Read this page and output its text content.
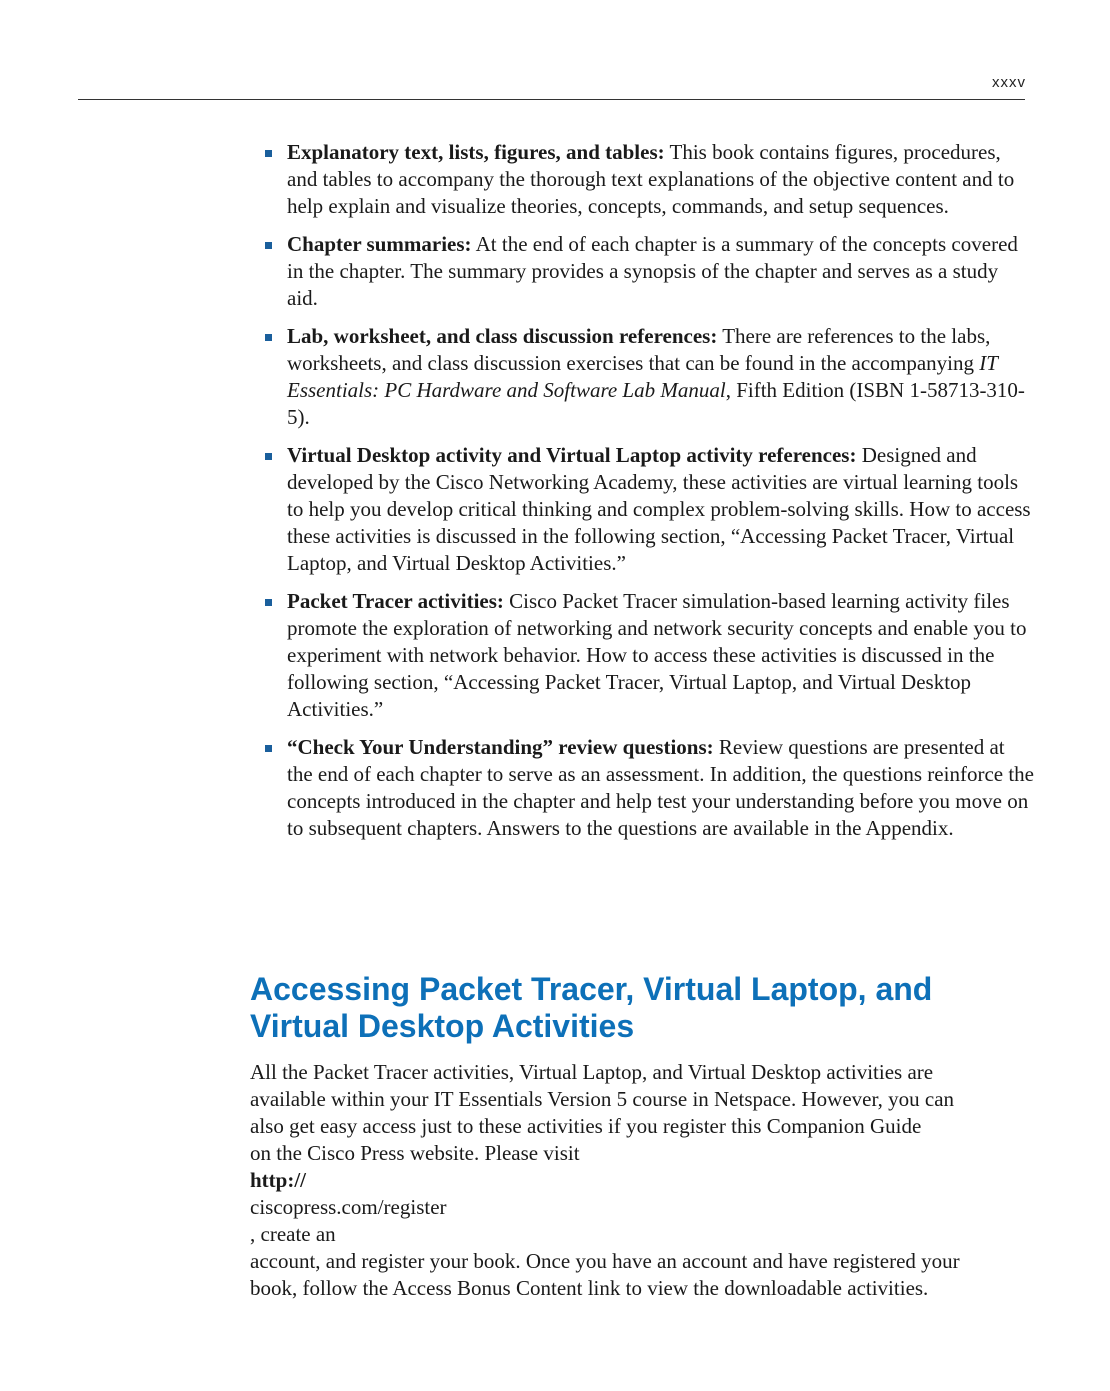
xxxv
Explanatory text, lists, figures, and tables: This book contains figures, procedures, and tables to accompany the thorough text explanations of the objective content and to help explain and visualize theories, concepts, commands, and setup sequences.
Chapter summaries: At the end of each chapter is a summary of the concepts covered in the chapter. The summary provides a synopsis of the chapter and serves as a study aid.
Lab, worksheet, and class discussion references: There are references to the labs, worksheets, and class discussion exercises that can be found in the accompanying IT Essentials: PC Hardware and Software Lab Manual, Fifth Edition (ISBN 1-58713-310-5).
Virtual Desktop activity and Virtual Laptop activity references: Designed and developed by the Cisco Networking Academy, these activities are virtual learning tools to help you develop critical thinking and complex problem-solving skills. How to access these activities is discussed in the following section, “Accessing Packet Tracer, Virtual Laptop, and Virtual Desktop Activities.”
Packet Tracer activities: Cisco Packet Tracer simulation-based learning activity files promote the exploration of networking and network security concepts and enable you to experiment with network behavior. How to access these activities is discussed in the following section, “Accessing Packet Tracer, Virtual Laptop, and Virtual Desktop Activities.”
“Check Your Understanding” review questions: Review questions are presented at the end of each chapter to serve as an assessment. In addition, the questions reinforce the concepts introduced in the chapter and help test your understanding before you move on to subsequent chapters. Answers to the questions are available in the Appendix.
Accessing Packet Tracer, Virtual Laptop, and
Virtual Desktop Activities

All the Packet Tracer activities, Virtual Laptop, and Virtual Desktop activities are
available within your IT Essentials Version 5 course in Netspace. However, you can
also get easy access just to these activities if you register this Companion Guide
on the Cisco Press website. Please visit
http://
ciscopress.com/register
, create an
account, and register your book. Once you have an account and have registered your
book, follow the Access Bonus Content link to view the downloadable activities.
